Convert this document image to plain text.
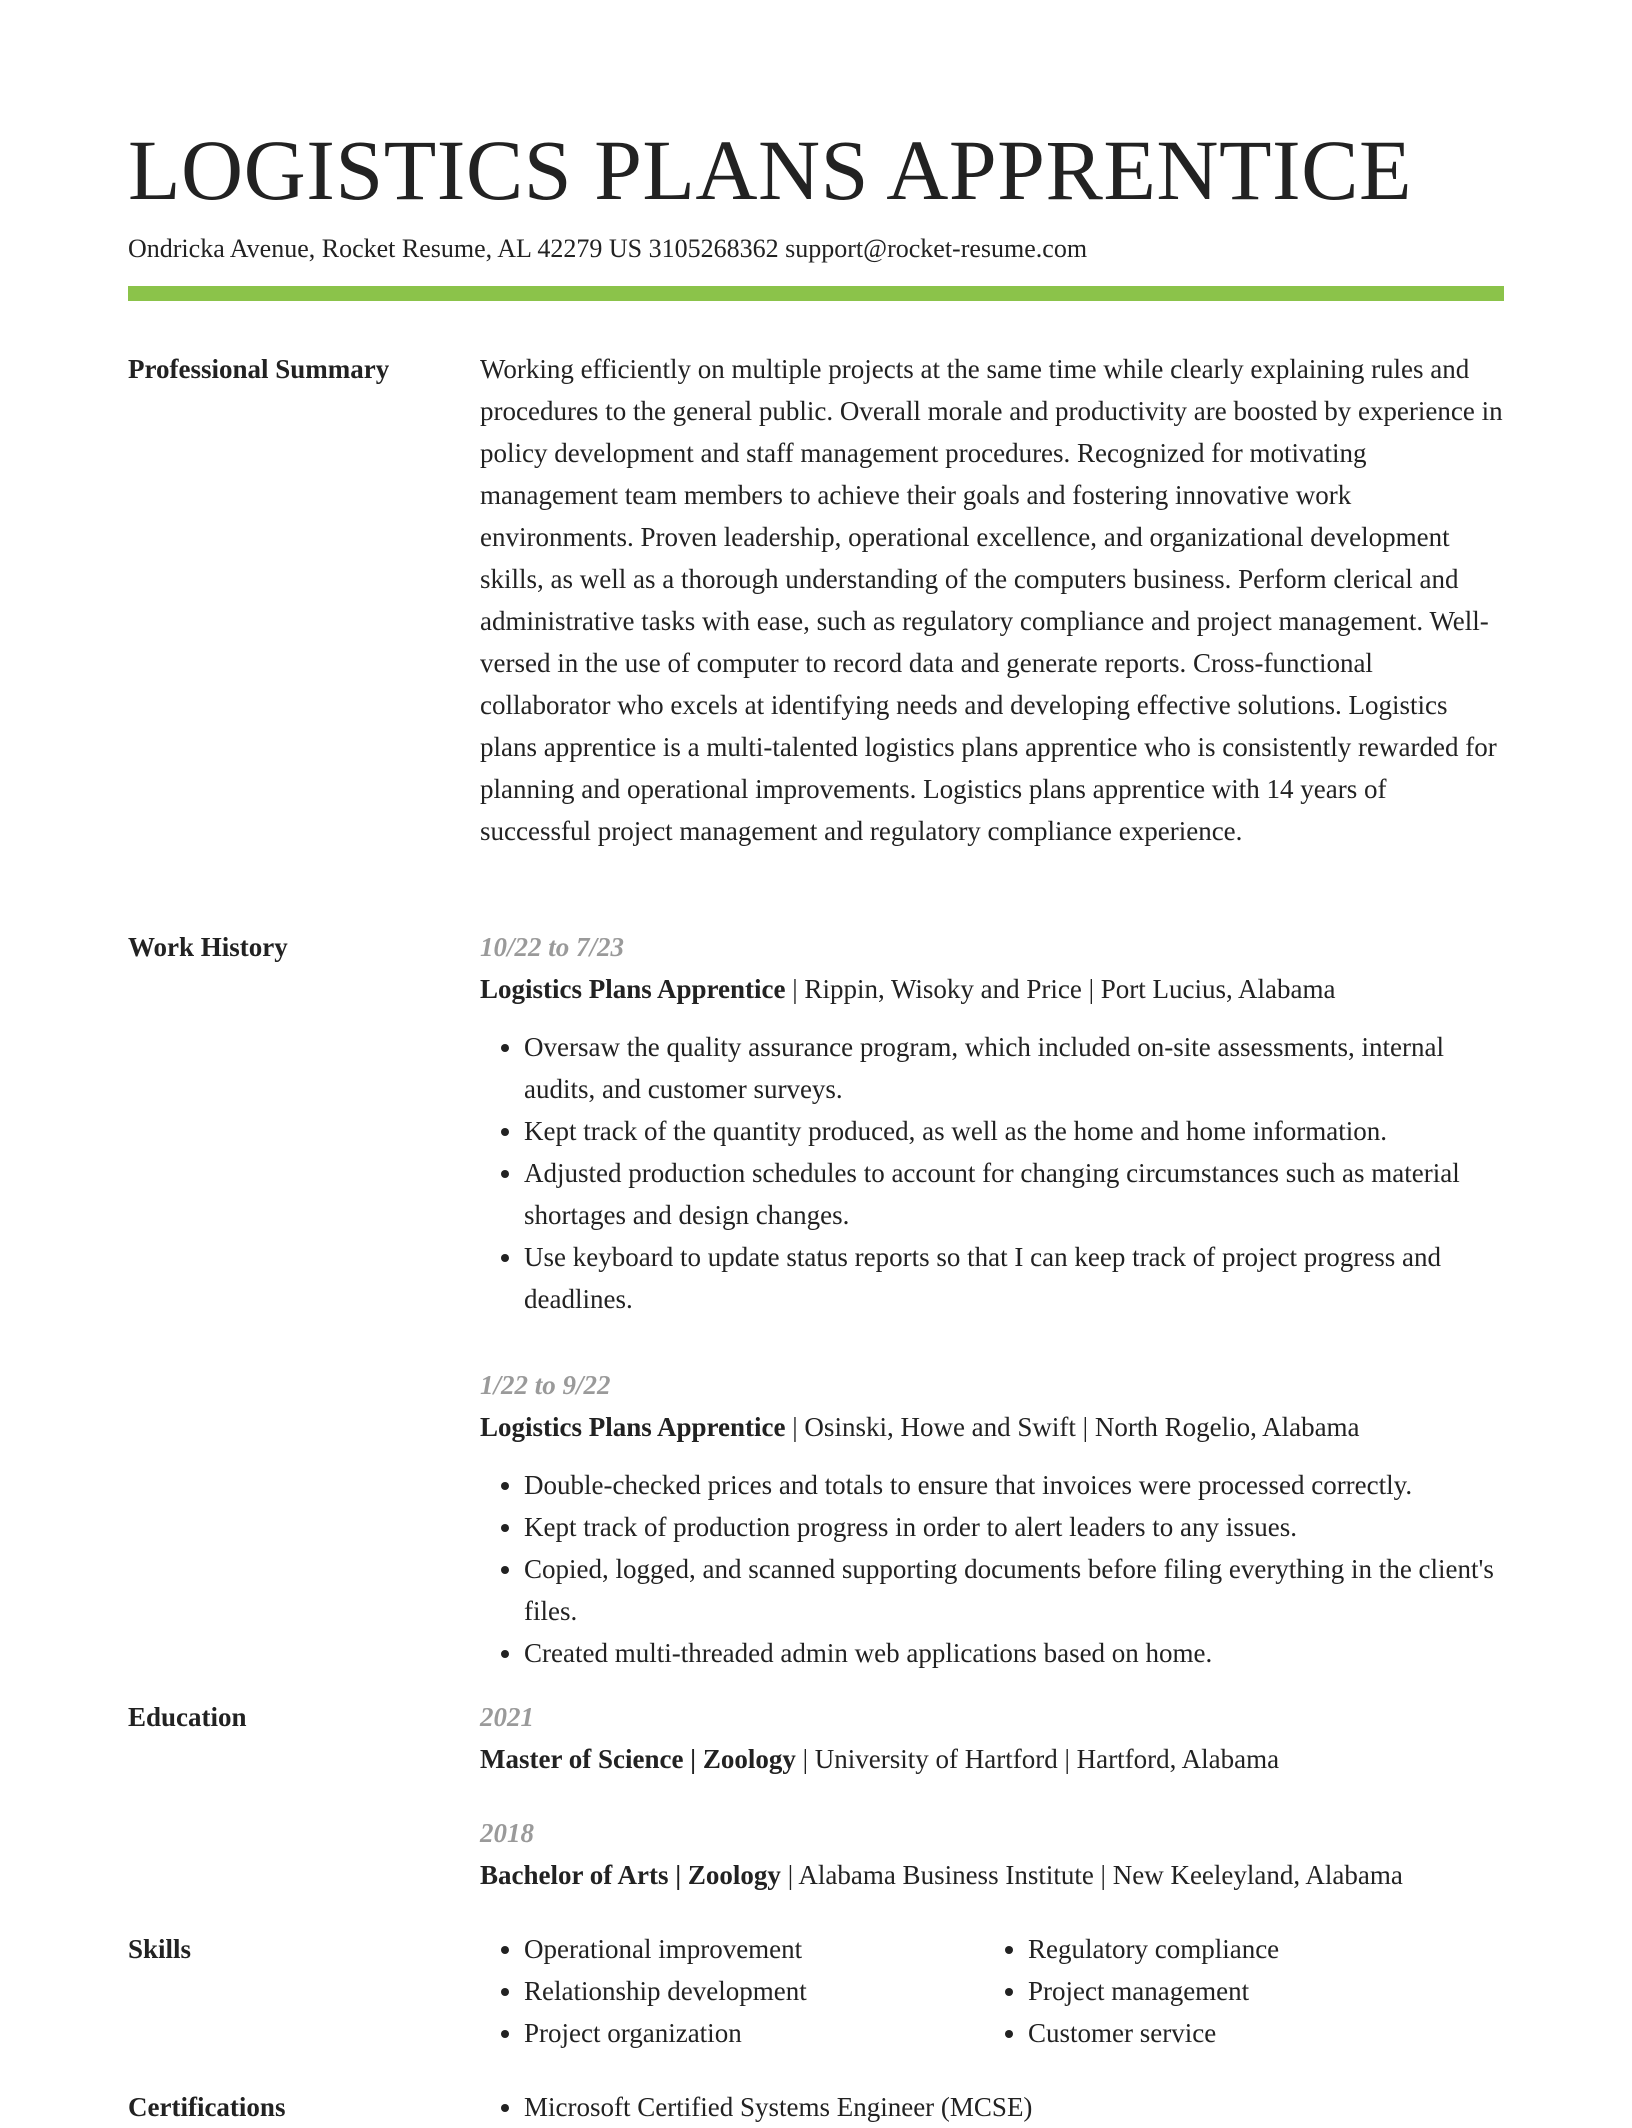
LOGISTICS PLANS APPRENTICE
Ondricka Avenue, Rocket Resume, AL 42279 US 3105268362 support@rocket-resume.com
Professional Summary	Working efficiently on multiple projects at the same time while clearly explaining rules and procedures to the general public. Overall morale and productivity are boosted by experience in policy development and staff management procedures. Recognized for motivating management team members to achieve their goals and fostering innovative work environments. Proven leadership, operational excellence, and organizational development skills, as well as a thorough understanding of the computers business. Perform clerical and administrative tasks with ease, such as regulatory compliance and project management. Well-versed in the use of computer to record data and generate reports. Cross-functional collaborator who excels at identifying needs and developing effective solutions. Logistics plans apprentice is a multi-talented logistics plans apprentice who is consistently rewarded for planning and operational improvements. Logistics plans apprentice with 14 years of successful project management and regulatory compliance experience.

Work History	10/22 to 7/23
Logistics Plans Apprentice | Rippin, Wisoky and Price | Port Lucius, Alabama
• Oversaw the quality assurance program, which included on-site assessments, internal audits, and customer surveys.
• Kept track of the quantity produced, as well as the home and home information.
• Adjusted production schedules to account for changing circumstances such as material shortages and design changes.
• Use keyboard to update status reports so that I can keep track of project progress and deadlines.
1/22 to 9/22
Logistics Plans Apprentice | Osinski, Howe and Swift | North Rogelio, Alabama
• Double-checked prices and totals to ensure that invoices were processed correctly.
• Kept track of production progress in order to alert leaders to any issues.
• Copied, logged, and scanned supporting documents before filing everything in the client's files.
• Created multi-threaded admin web applications based on home.
Education	2021
Master of Science | Zoology | University of Hartford | Hartford, Alabama
2018
Bachelor of Arts | Zoology | Alabama Business Institute | New Keeleyland, Alabama
Skills	• Operational improvement
• Relationship development
• Project organization
• Regulatory compliance
• Project management
• Customer service
Certifications	• Microsoft Certified Systems Engineer (MCSE)
